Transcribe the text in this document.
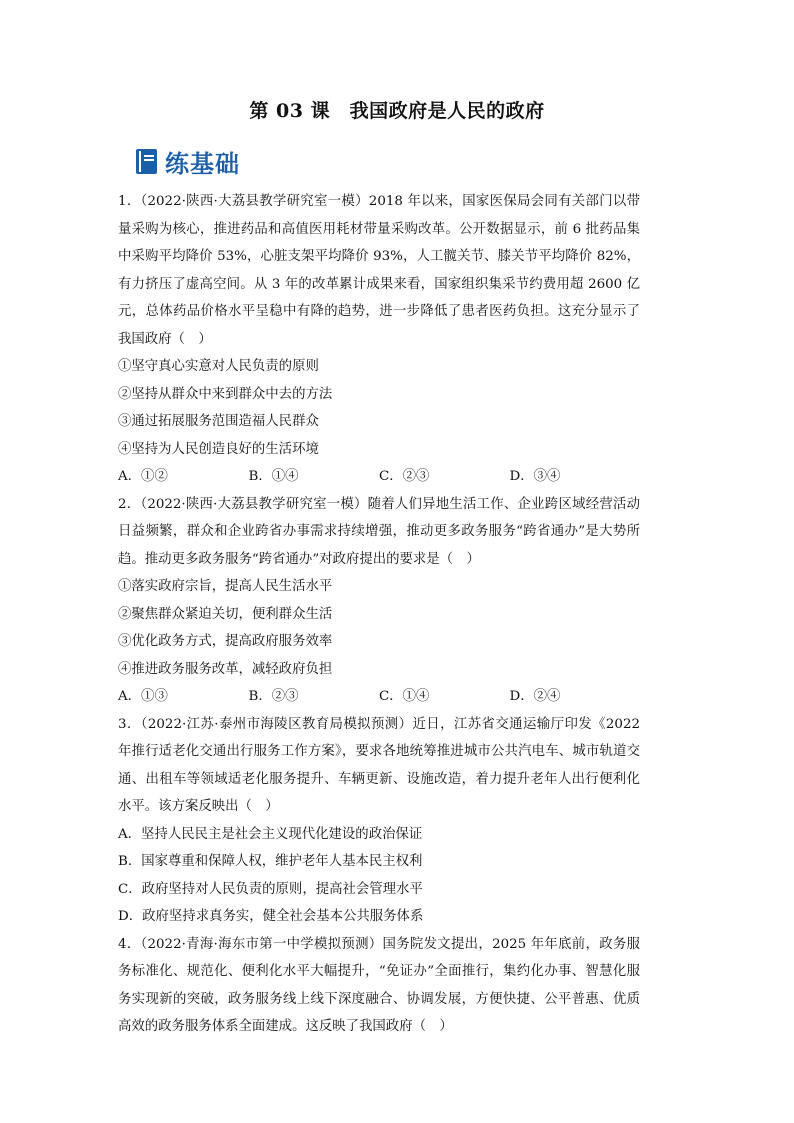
第 03 课　我国政府是人民的政府
练基础

1．（2022·陕西·大荔县教学研究室一模）2018 年以来，国家医保局会同有关部门以带量采购为核心，推进药品和高值医用耗材带量采购改革。公开数据显示，前 6 批药品集中采购平均降价 53%，心脏支架平均降价 93%，人工髋关节、膝关节平均降价 82%，有力挤压了虚高空间。从 3 年的改革累计成果来看，国家组织集采节约费用超 2600 亿元，总体药品价格水平呈稳中有降的趋势，进一步降低了患者医药负担。这充分显示了我国政府（　）

①坚守真心实意对人民负责的原则

②坚持从群众中来到群众中去的方法

③通过拓展服务范围造福人民群众

④坚持为人民创造良好的生活环境

A．①②	B．①④	C．②③	D．③④

2．（2022·陕西·大荔县教学研究室一模）随着人们异地生活工作、企业跨区域经营活动日益频繁，群众和企业跨省办事需求持续增强，推动更多政务服务“跨省通办”是大势所趋。推动更多政务服务“跨省通办”对政府提出的要求是（　）

①落实政府宗旨，提高人民生活水平

②聚焦群众紧迫关切，便利群众生活

③优化政务方式，提高政府服务效率

④推进政务服务改革，减轻政府负担

A．①③	B．②③	C．①④	D．②④

3．（2022·江苏·泰州市海陵区教育局模拟预测）近日，江苏省交通运输厅印发《2022 年推行适老化交通出行服务工作方案》，要求各地统筹推进城市公共汽电车、城市轨道交通、出租车等领域适老化服务提升、车辆更新、设施改造，着力提升老年人出行便利化水平。该方案反映出（　）

A．坚持人民民主是社会主义现代化建设的政治保证

B．国家尊重和保障人权，维护老年人基本民主权利

C．政府坚持对人民负责的原则，提高社会管理水平

D．政府坚持求真务实，健全社会基本公共服务体系

4．（2022·青海·海东市第一中学模拟预测）国务院发文提出，2025 年年底前，政务服务标准化、规范化、便利化水平大幅提升，“免证办”全面推行，集约化办事、智慧化服务实现新的突破，政务服务线上线下深度融合、协调发展，方便快捷、公平普惠、优质高效的政务服务体系全面建成。这反映了我国政府（　）
